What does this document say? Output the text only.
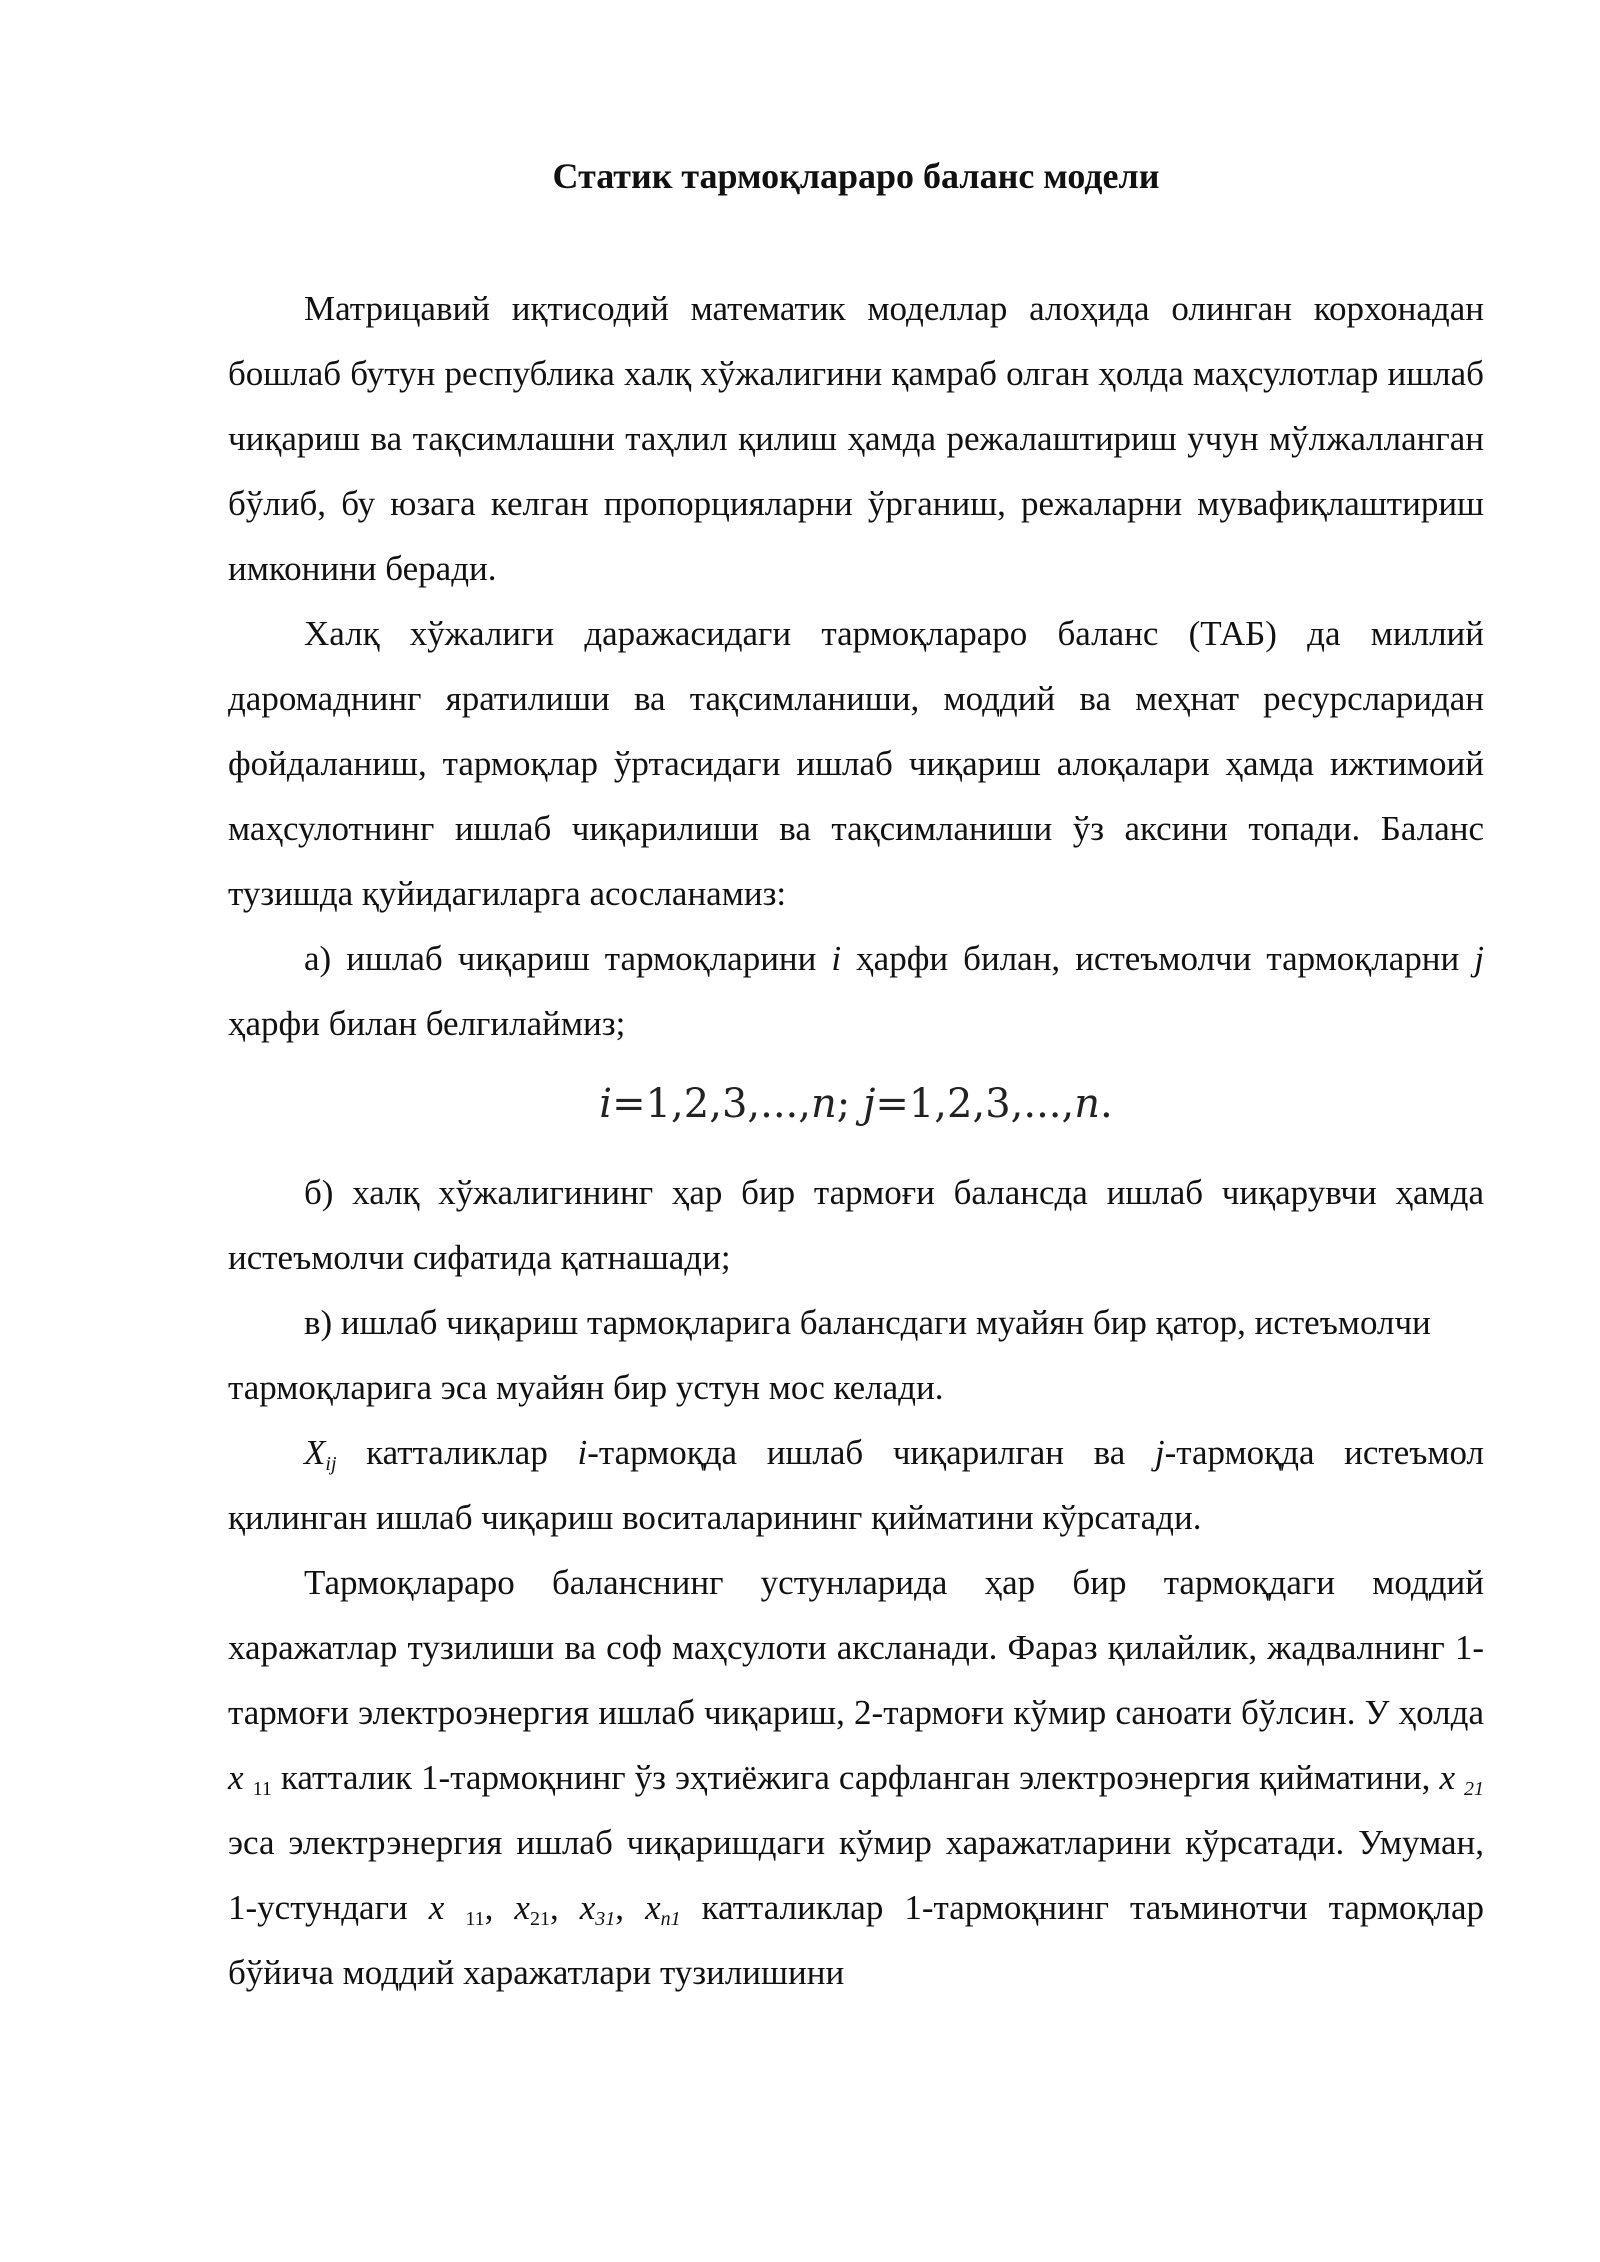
Статик тармоқлараро баланс модели

Матрицавий иқтисодий математик моделлар алоҳида олинган корхонадан бошлаб бутун республика халқ хўжалигини қамраб олган ҳолда маҳсулотлар ишлаб чиқариш ва тақсимлашни таҳлил қилиш ҳамда режалаштириш учун мўлжалланган бўлиб, бу юзага келган пропорцияларни ўрганиш, режаларни мувафиқлаштириш имконини беради.

Халқ хўжалиги даражасидаги тармоқлараро баланс (ТАБ) да миллий даромаднинг яратилиши ва тақсимланиши, моддий ва меҳнат ресурсларидан фойдаланиш, тармоқлар ўртасидаги ишлаб чиқариш алоқалари ҳамда ижтимоий маҳсулотнинг ишлаб чиқарилиши ва тақсимланиши ўз аксини топади. Баланс тузишда қуйидагиларга асосланамиз:

а) ишлаб чиқариш тармоқларини i ҳарфи билан, истеъмолчи тармоқларни j ҳарфи билан белгилаймиз;

i=1,2,3,...,n; j=1,2,3,...,n.

б) халқ хўжалигининг ҳар бир тармоғи балансда ишлаб чиқарувчи ҳамда истеъмолчи сифатида қатнашади;

в) ишлаб чиқариш тармоқларига балансдаги муайян бир қатор, истеъмолчи

тармоқларига эса муайян бир устун мос келади.

$X_{ij}$ катталиклар i-тармоқда ишлаб чиқарилган ва j-тармоқда истеъмол қилинган ишлаб чиқариш воситаларининг қийматини кўрсатади.

Тармоқлараро баланснинг устунларида ҳар бир тармоқдаги моддий харажатлар тузилиши ва соф маҳсулоти акcланади. Фараз қилайлик, жадвалнинг 1-тармоғи электроэнергия ишлаб чиқариш, 2-тармоғи кўмир саноати бўлсин. У ҳолда x $_{11}$ катталик 1-тармоқнинг ўз эҳтиёжига сарфланган электроэнергия қийматини, x $_{21}$ эса электрэнергия ишлаб чиқаришдаги кўмир харажатларини кўрсатади. Умуман, 1-устундаги x $_{11}$, $x_{21}$, $x_{31}$, $x_{n1}$ катталиклар 1-тармоқнинг таъминотчи тармоқлар бўйича моддий харажатлари тузилишини
